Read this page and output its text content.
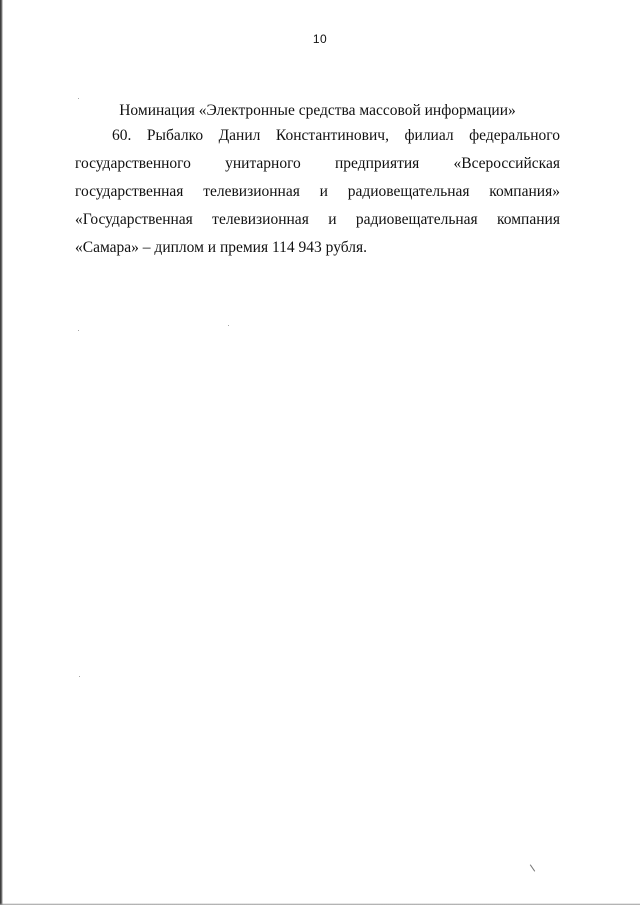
10
Номинация «Электронные средства массовой информации»
60. Рыбалко Данил Константинович, филиал федерального
государственного унитарного предприятия «Всероссийская
государственная телевизионная и радиовещательная компания»
«Государственная телевизионная и радиовещательная компания
«Самара» – диплом и премия 114 943 рубля.
